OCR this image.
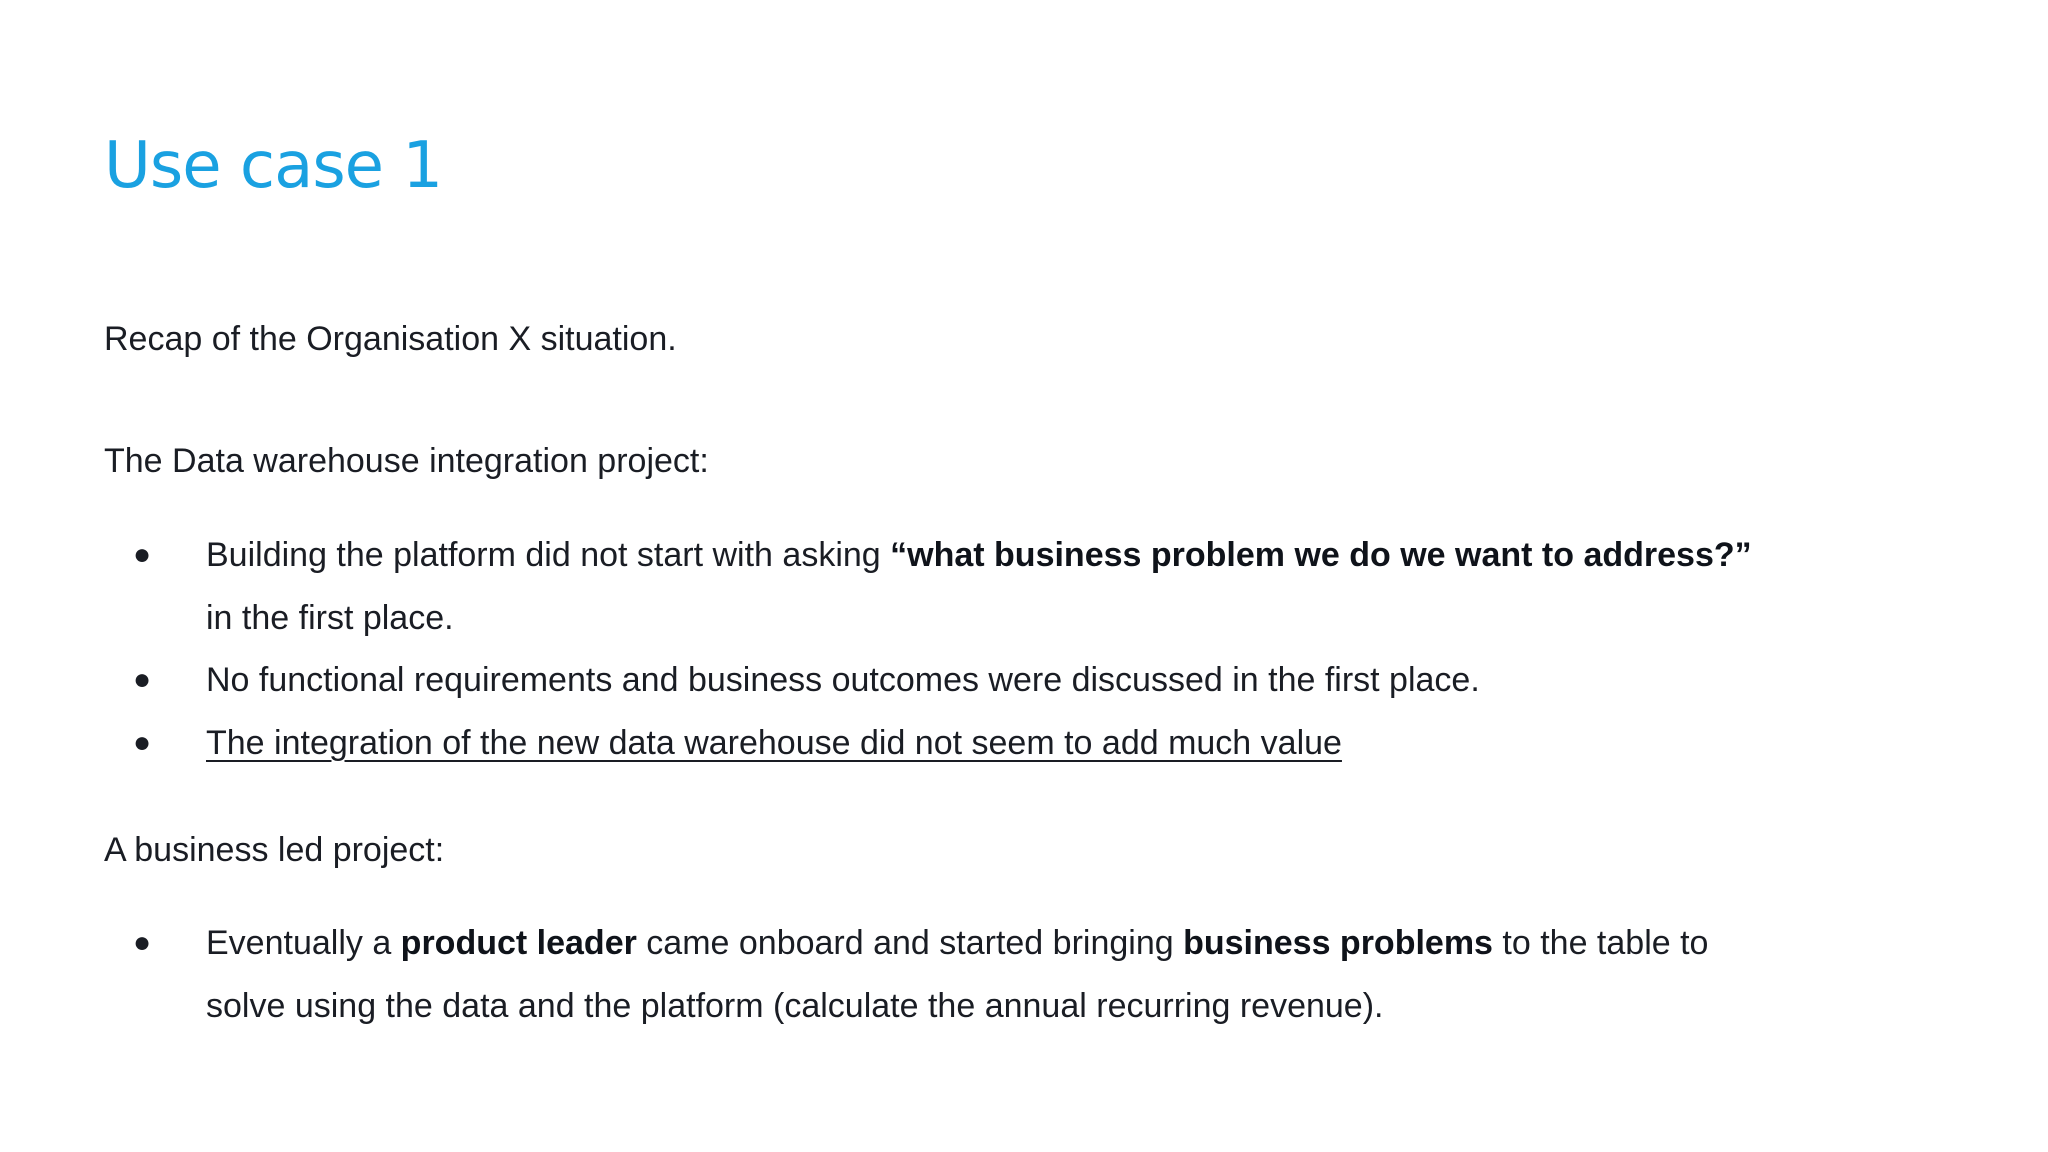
Use case 1

Recap of the Organisation X situation.

The Data warehouse integration project:

● Building the platform did not start with asking “what business problem we do we want to address?” in the first place.
● No functional requirements and business outcomes were discussed in the first place.
● The integration of the new data warehouse did not seem to add much value

A business led project:

● Eventually a product leader came onboard and started bringing business problems to the table to solve using the data and the platform (calculate the annual recurring revenue).
